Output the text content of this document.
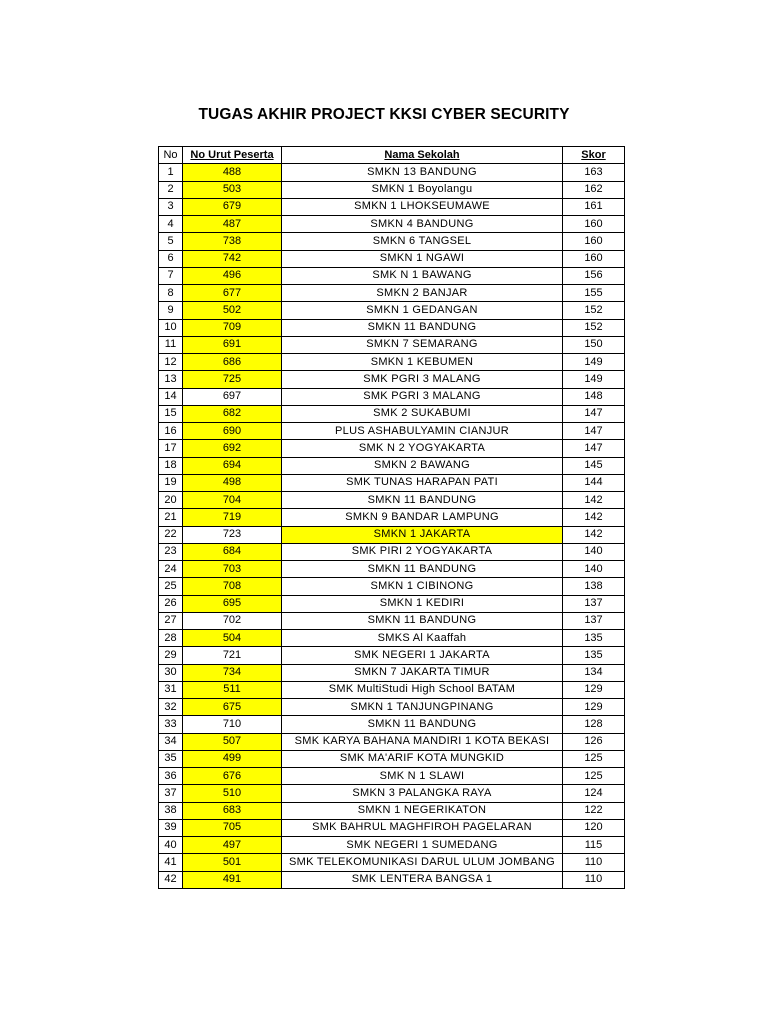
TUGAS AKHIR PROJECT KKSI CYBER SECURITY
No	No Urut Peserta	Nama Sekolah	Skor
1	488	SMKN 13 BANDUNG	163
2	503	SMKN 1 Boyolangu	162
3	679	SMKN 1 LHOKSEUMAWE	161
4	487	SMKN 4 BANDUNG	160
5	738	SMKN 6 TANGSEL	160
6	742	SMKN 1 NGAWI	160
7	496	SMK N 1 BAWANG	156
8	677	SMKN 2 BANJAR	155
9	502	SMKN 1 GEDANGAN	152
10	709	SMKN 11 BANDUNG	152
11	691	SMKN 7 SEMARANG	150
12	686	SMKN 1 KEBUMEN	149
13	725	SMK PGRI 3 MALANG	149
14	697	SMK PGRI 3 MALANG	148
15	682	SMK 2 SUKABUMI	147
16	690	PLUS ASHABULYAMIN CIANJUR	147
17	692	SMK N 2 YOGYAKARTA	147
18	694	SMKN 2 BAWANG	145
19	498	SMK TUNAS HARAPAN PATI	144
20	704	SMKN 11 BANDUNG	142
21	719	SMKN 9 BANDAR LAMPUNG	142
22	723	SMKN 1 JAKARTA	142
23	684	SMK PIRI 2 YOGYAKARTA	140
24	703	SMKN 11 BANDUNG	140
25	708	SMKN 1 CIBINONG	138
26	695	SMKN 1 KEDIRI	137
27	702	SMKN 11 BANDUNG	137
28	504	SMKS Al Kaaffah	135
29	721	SMK NEGERI 1 JAKARTA	135
30	734	SMKN 7 JAKARTA TIMUR	134
31	511	SMK MultiStudi High School BATAM	129
32	675	SMKN 1 TANJUNGPINANG	129
33	710	SMKN 11 BANDUNG	128
34	507	SMK KARYA BAHANA MANDIRI 1 KOTA BEKASI	126
35	499	SMK MA'ARIF KOTA MUNGKID	125
36	676	SMK N 1 SLAWI	125
37	510	SMKN 3 PALANGKA RAYA	124
38	683	SMKN 1 NEGERIKATON	122
39	705	SMK BAHRUL MAGHFIROH PAGELARAN	120
40	497	SMK NEGERI 1 SUMEDANG	115
41	501	SMK TELEKOMUNIKASI DARUL ULUM JOMBANG	110
42	491	SMK LENTERA BANGSA 1	110
